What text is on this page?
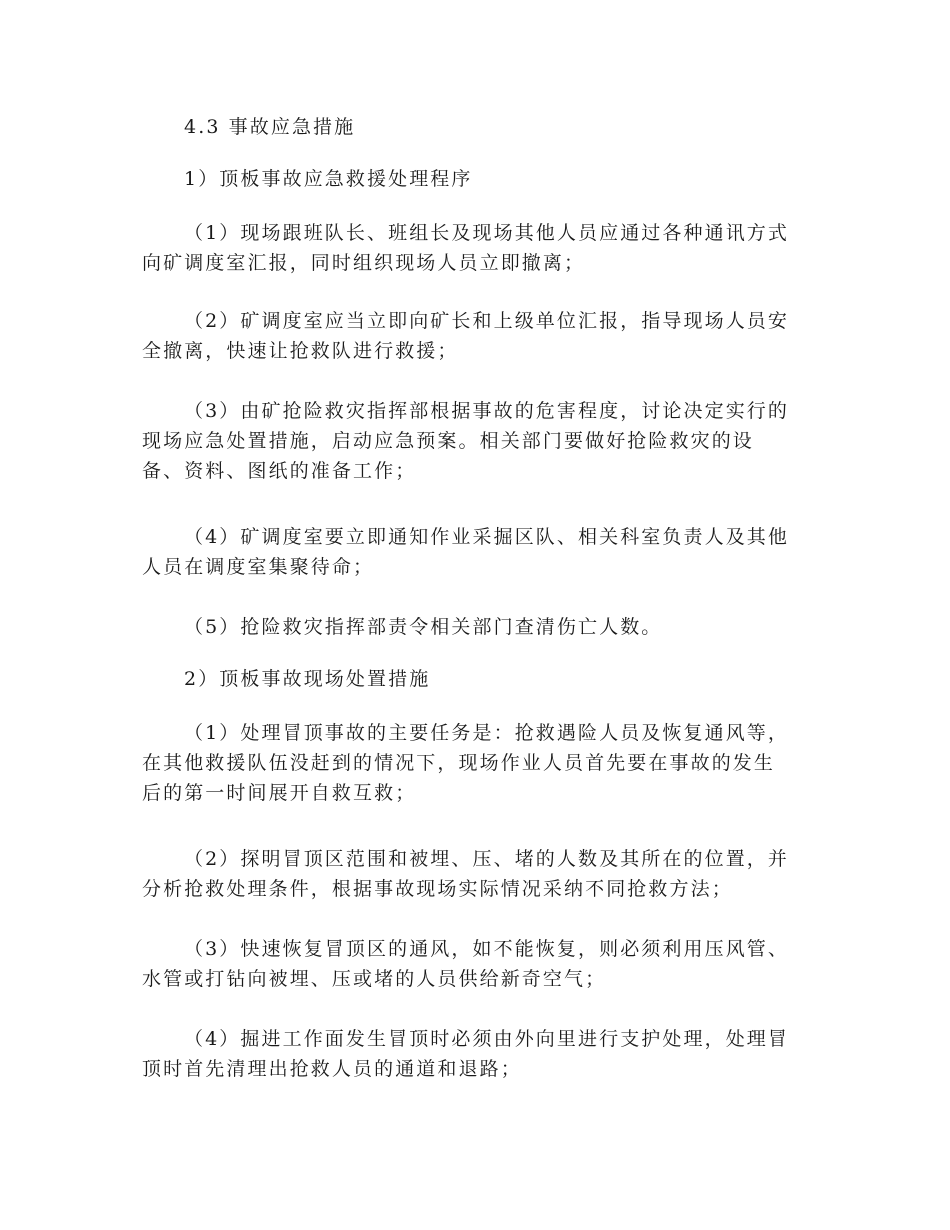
4.3 事故应急措施
1）顶板事故应急救援处理程序
（1）现场跟班队长、班组长及现场其他人员应通过各种通讯方式
向矿调度室汇报，同时组织现场人员立即撤离；
（2）矿调度室应当立即向矿长和上级单位汇报，指导现场人员安
全撤离，快速让抢救队进行救援；
（3）由矿抢险救灾指挥部根据事故的危害程度，讨论决定实行的
现场应急处置措施，启动应急预案。相关部门要做好抢险救灾的设
备、资料、图纸的准备工作；
（4）矿调度室要立即通知作业采掘区队、相关科室负责人及其他
人员在调度室集聚待命；
（5）抢险救灾指挥部责令相关部门查清伤亡人数。
2）顶板事故现场处置措施
（1）处理冒顶事故的主要任务是：抢救遇险人员及恢复通风等，
在其他救援队伍没赶到的情况下，现场作业人员首先要在事故的发生
后的第一时间展开自救互救；
（2）探明冒顶区范围和被埋、压、堵的人数及其所在的位置，并
分析抢救处理条件，根据事故现场实际情况采纳不同抢救方法；
（3）快速恢复冒顶区的通风，如不能恢复，则必须利用压风管、
水管或打钻向被埋、压或堵的人员供给新奇空气；
（4）掘进工作面发生冒顶时必须由外向里进行支护处理，处理冒
顶时首先清理出抢救人员的通道和退路；
